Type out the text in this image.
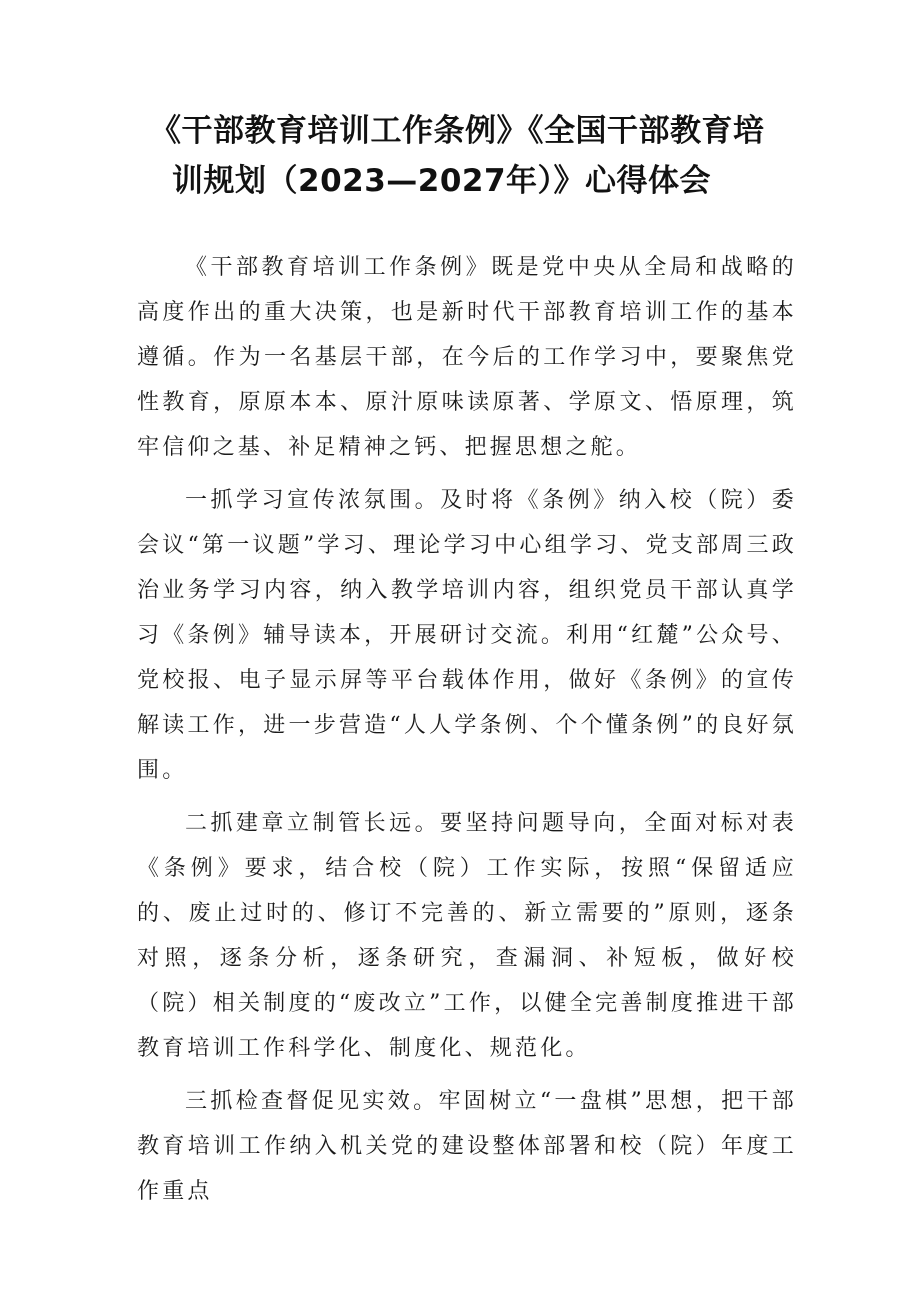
《干部教育培训工作条例》《全国干部教育培
训规划（2023—2027年）》心得体会

《干部教育培训工作条例》既是党中央从全局和战略的高度作出的重大决策，也是新时代干部教育培训工作的基本遵循。作为一名基层干部，在今后的工作学习中，要聚焦党性教育，原原本本、原汁原味读原著、学原文、悟原理，筑牢信仰之基、补足精神之钙、把握思想之舵。

一抓学习宣传浓氛围。及时将《条例》纳入校（院）委会议“第一议题”学习、理论学习中心组学习、党支部周三政治业务学习内容，纳入教学培训内容，组织党员干部认真学习《条例》辅导读本，开展研讨交流。利用“红麓”公众号、党校报、电子显示屏等平台载体作用，做好《条例》的宣传解读工作，进一步营造“人人学条例、个个懂条例”的良好氛围。

二抓建章立制管长远。要坚持问题导向，全面对标对表《条例》要求，结合校（院）工作实际，按照“保留适应的、废止过时的、修订不完善的、新立需要的”原则，逐条对照，逐条分析，逐条研究，查漏洞、补短板，做好校（院）相关制度的“废改立”工作，以健全完善制度推进干部教育培训工作科学化、制度化、规范化。

三抓检查督促见实效。牢固树立“一盘棋”思想，把干部教育培训工作纳入机关党的建设整体部署和校（院）年度工作重点
